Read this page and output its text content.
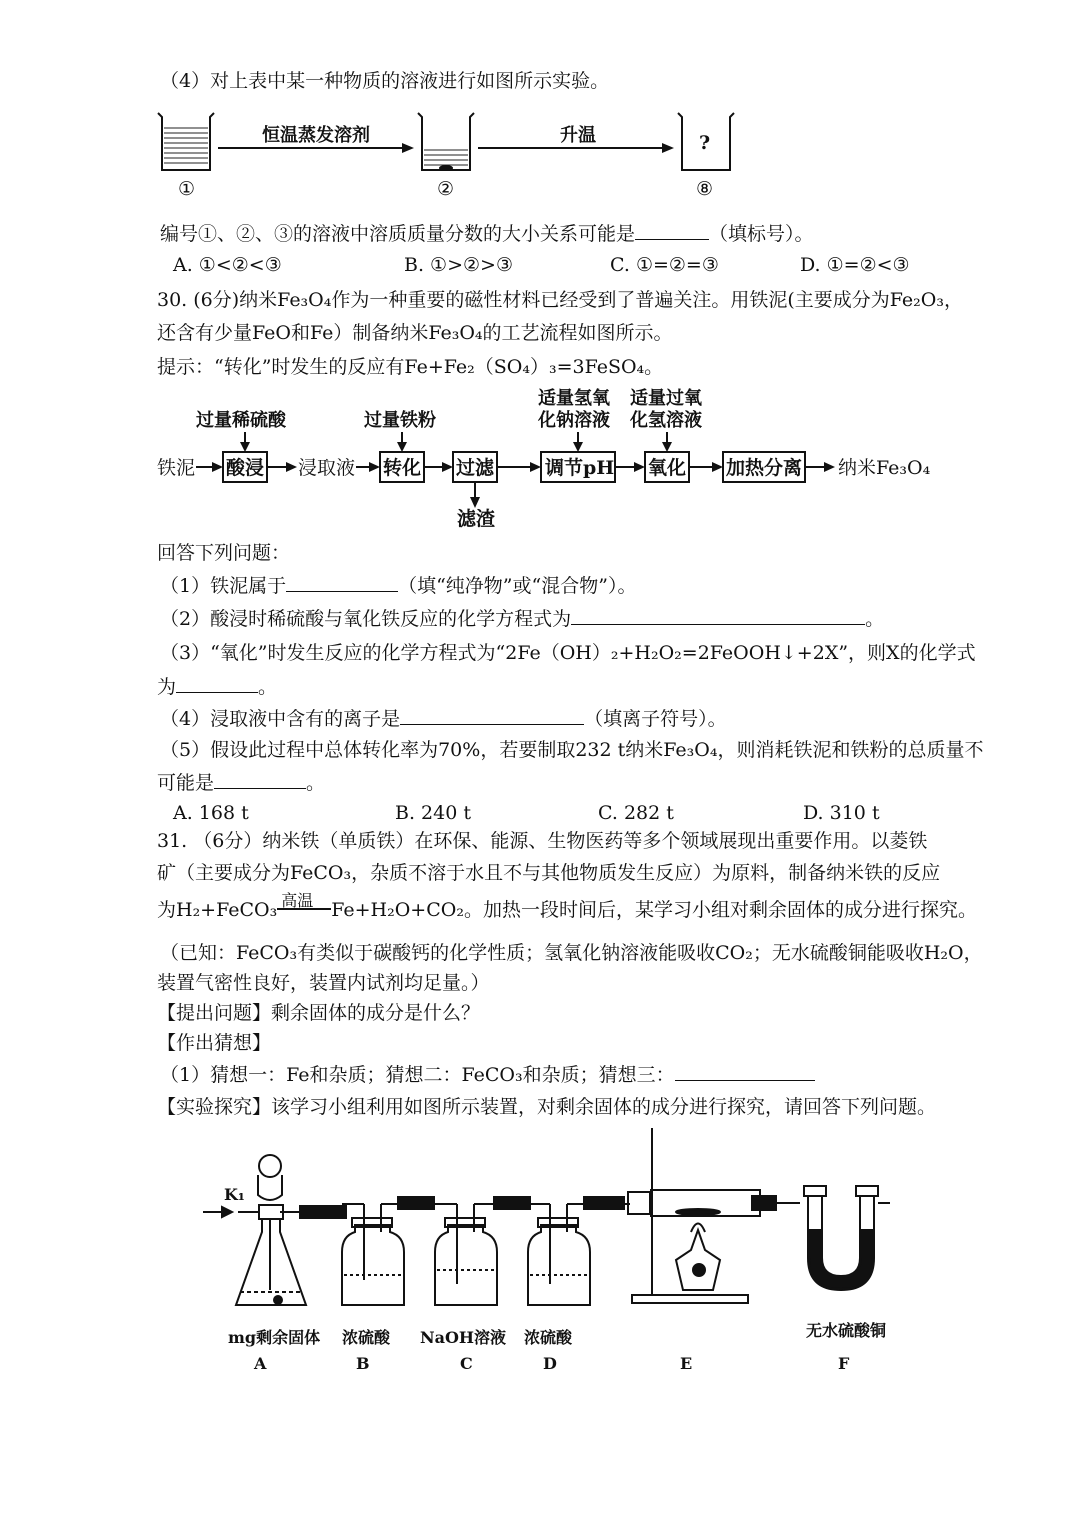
（4）对上表中某一种物质的溶液进行如图所示实验。
恒温蒸发溶剂	升温	?
①	②	⑧
编号①、②、③的溶液中溶质质量分数的大小关系可能是	（填标号）。
A. ①<②<③	B. ①>②>③	C. ①=②=③	D. ①=②<③
30. (6分)纳米Fe₃O₄作为一种重要的磁性材料已经受到了普遍关注。用铁泥(主要成分为Fe₂O₃，
还含有少量FeO和Fe）制备纳米Fe₃O₄的工艺流程如图所示。
提示：“转化”时发生的反应有Fe+Fe₂（SO₄）₃=3FeSO₄。
过量稀硫酸	过量铁粉
适量氢氧
化钠溶液
适量过氧
化氢溶液
铁泥 酸浸 浸取液 转化 过滤	调节pH 氧化 加热分离 纳米Fe₃O₄
滤渣
回答下列问题：
（1）铁泥属于	（填“纯净物”或“混合物”）。
（2）酸浸时稀硫酸与氧化铁反应的化学方程式为	。
（3）“氧化”时发生反应的化学方程式为“2Fe（OH）₂+H₂O₂=2FeOOH↓+2X”，则X的化学式
为	。
（4）浸取液中含有的离子是	（填离子符号）。
（5）假设此过程中总体转化率为70%，若要制取232 t纳米Fe₃O₄，则消耗铁泥和铁粉的总质量不
可能是	。
A. 168 t	B. 240 t	C. 282 t	D. 310 t
31. （6分）纳米铁（单质铁）在环保、能源、生物医药等多个领域展现出重要作用。以菱铁
矿（主要成分为FeCO₃，杂质不溶于水且不与其他物质发生反应）为原料，制备纳米铁的反应
为H₂+FeCO₃ 高温 Fe+H₂O+CO₂。加热一段时间后，某学习小组对剩余固体的成分进行探究。
（已知：FeCO₃有类似于碳酸钙的化学性质；氢氧化钠溶液能吸收CO₂；无水硫酸铜能吸收H₂O，
装置气密性良好，装置内试剂均足量。）
【提出问题】剩余固体的成分是什么？
【作出猜想】
（1）猜想一：Fe和杂质；猜想二：FeCO₃和杂质；猜想三：
【实验探究】该学习小组利用如图所示装置，对剩余固体的成分进行探究，请回答下列问题。
K₁
mg剩余固体 浓硫酸 NaOH溶液 浓硫酸	无水硫酸铜
A	B	C	D	E	F
